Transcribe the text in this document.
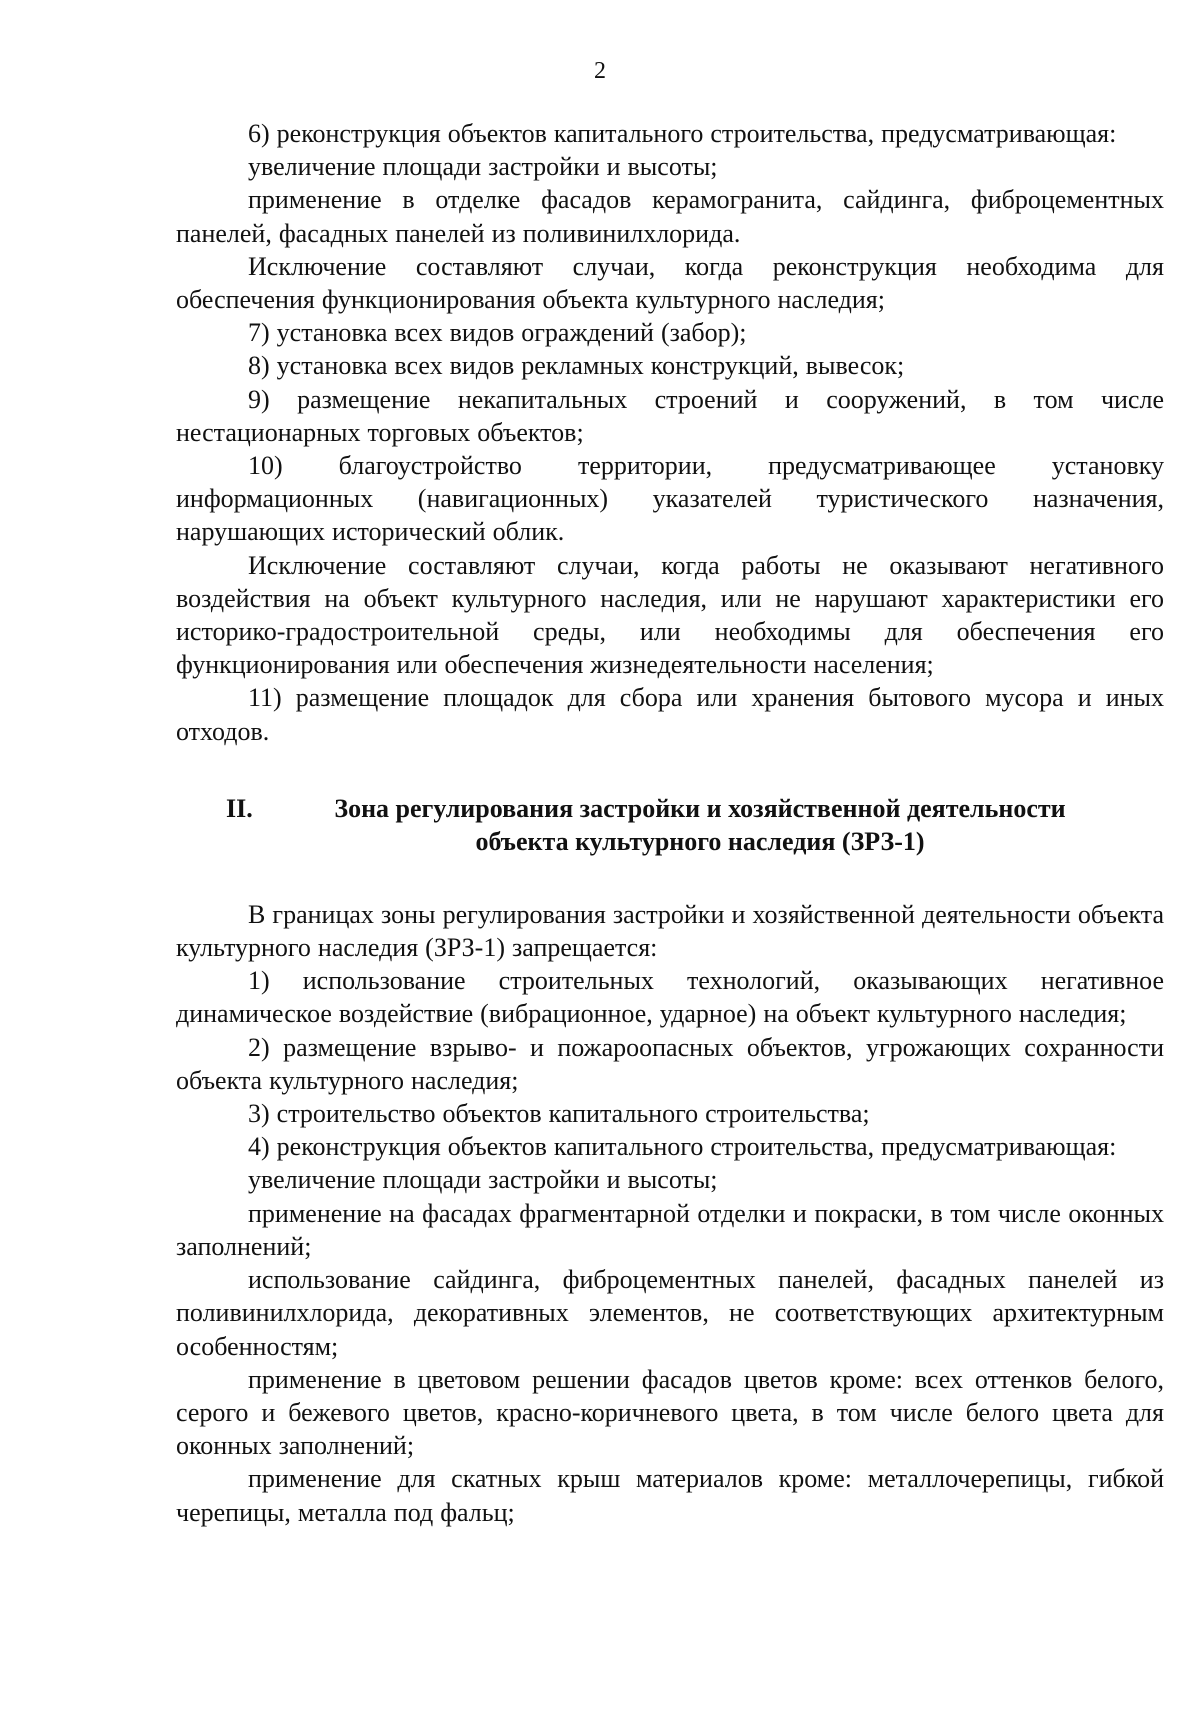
2

6) реконструкция объектов капитального строительства, предусматривающая:

увеличение площади застройки и высоты;

применение в отделке фасадов керамогранита, сайдинга, фиброцементных панелей, фасадных панелей из поливинилхлорида.

Исключение составляют случаи, когда реконструкция необходима для обеспечения функционирования объекта культурного наследия;

7) установка всех видов ограждений (забор);

8) установка всех видов рекламных конструкций, вывесок;

9) размещение некапитальных строений и сооружений, в том числе нестационарных торговых объектов;

10) благоустройство территории, предусматривающее установку информационных (навигационных) указателей туристического назначения, нарушающих исторический облик.

Исключение составляют случаи, когда работы не оказывают негативного воздействия на объект культурного наследия, или не нарушают характеристики его историко-градостроительной среды, или необходимы для обеспечения его функционирования или обеспечения жизнедеятельности населения;

11) размещение площадок для сбора или хранения бытового мусора и иных отходов.

II.	Зона регулирования застройки и хозяйственной деятельности
объекта культурного наследия (ЗРЗ-1)

В границах зоны регулирования застройки и хозяйственной деятельности объекта культурного наследия (ЗРЗ-1) запрещается:

1) использование строительных технологий, оказывающих негативное динамическое воздействие (вибрационное, ударное) на объект культурного наследия;

2) размещение взрыво- и пожароопасных объектов, угрожающих сохранности объекта культурного наследия;

3) строительство объектов капитального строительства;

4) реконструкция объектов капитального строительства, предусматривающая:

увеличение площади застройки и высоты;

применение на фасадах фрагментарной отделки и покраски, в том числе оконных заполнений;

использование сайдинга, фиброцементных панелей, фасадных панелей из поливинилхлорида, декоративных элементов, не соответствующих архитектурным особенностям;

применение в цветовом решении фасадов цветов кроме: всех оттенков белого, серого и бежевого цветов, красно-коричневого цвета, в том числе белого цвета для оконных заполнений;

применение для скатных крыш материалов кроме: металлочерепицы, гибкой черепицы, металла под фальц;
